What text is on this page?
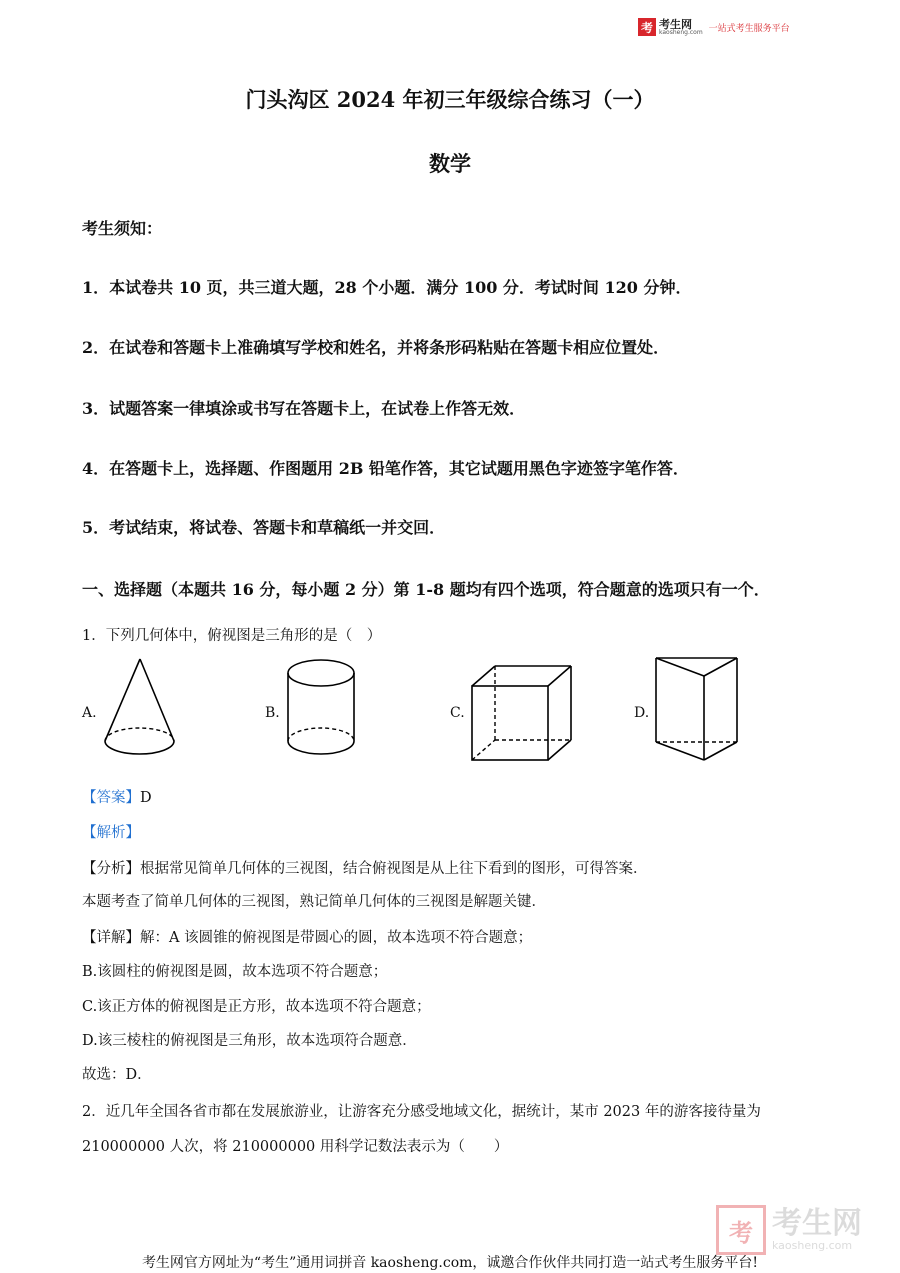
考 考生网
kaosheng.com 一站式考生服务平台
门头沟区 2024 年初三年级综合练习（一）
数学
考生须知：
1．本试卷共 10 页，共三道大题，28 个小题．满分 100 分．考试时间 120 分钟．
2．在试卷和答题卡上准确填写学校和姓名，并将条形码粘贴在答题卡相应位置处．
3．试题答案一律填涂或书写在答题卡上，在试卷上作答无效．
4．在答题卡上，选择题、作图题用 2B 铅笔作答，其它试题用黑色字迹签字笔作答．
5．考试结束，将试卷、答题卡和草稿纸一并交回．
一、选择题（本题共 16 分，每小题 2 分）第 1-8 题均有四个选项，符合题意的选项只有一个．
1．下列几何体中，俯视图是三角形的是（　）
A.	B.	C.	D.
【答案】D
【解析】
【分析】根据常见简单几何体的三视图，结合俯视图是从上往下看到的图形，可得答案．
本题考查了简单几何体的三视图，熟记简单几何体的三视图是解题关键．
【详解】解：A 该圆锥的俯视图是带圆心的圆，故本选项不符合题意；
B.该圆柱的俯视图是圆，故本选项不符合题意；
C.该正方体的俯视图是正方形，故本选项不符合题意；
D.该三棱柱的俯视图是三角形，故本选项符合题意．
故选：D．
2．近几年全国各省市都在发展旅游业，让游客充分感受地域文化，据统计，某市 2023 年的游客接待量为
210000000 人次，将 210000000 用科学记数法表示为（　　）
考 考生网
kaosheng.com
考生网官方网址为“考生”通用词拼音 kaosheng.com，诚邀合作伙伴共同打造一站式考生服务平台!
